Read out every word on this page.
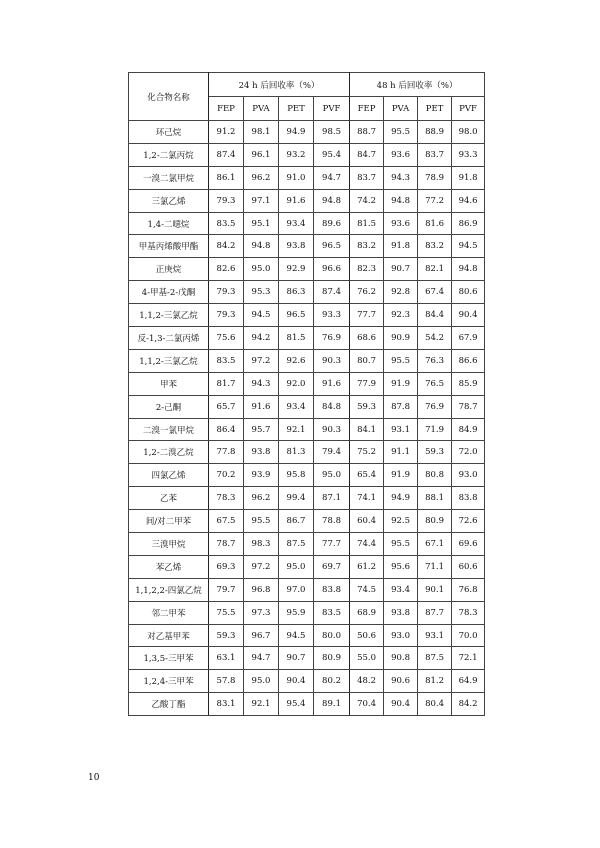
化合物名称	24 h 后回收率（%）				48 h 后回收率（%）			
	FEP	PVA	PET	PVF	FEP	PVA	PET	PVF
环己烷	91.2	98.1	94.9	98.5	88.7	95.5	88.9	98.0
1,2-二氯丙烷	87.4	96.1	93.2	95.4	84.7	93.6	83.7	93.3
一溴二氯甲烷	86.1	96.2	91.0	94.7	83.7	94.3	78.9	91.8
三氯乙烯	79.3	97.1	91.6	94.8	74.2	94.8	77.2	94.6
1,4-二噁烷	83.5	95.1	93.4	89.6	81.5	93.6	81.6	86.9
甲基丙烯酸甲酯	84.2	94.8	93.8	96.5	83.2	91.8	83.2	94.5
正庚烷	82.6	95.0	92.9	96.6	82.3	90.7	82.1	94.8
4-甲基-2-戊酮	79.3	95.3	86.3	87.4	76.2	92.8	67.4	80.6
1,1,2-三氯乙烷	79.3	94.5	96.5	93.3	77.7	92.3	84.4	90.4
反-1,3-二氯丙烯	75.6	94.2	81.5	76.9	68.6	90.9	54.2	67.9
1,1,2-三氯乙烷	83.5	97.2	92.6	90.3	80.7	95.5	76.3	86.6
甲苯	81.7	94.3	92.0	91.6	77.9	91.9	76.5	85.9
2-己酮	65.7	91.6	93.4	84.8	59.3	87.8	76.9	78.7
二溴一氯甲烷	86.4	95.7	92.1	90.3	84.1	93.1	71.9	84.9
1,2-二溴乙烷	77.8	93.8	81.3	79.4	75.2	91.1	59.3	72.0
四氯乙烯	70.2	93.9	95.8	95.0	65.4	91.9	80.8	93.0
乙苯	78.3	96.2	99.4	87.1	74.1	94.9	88.1	83.8
间/对二甲苯	67.5	95.5	86.7	78.8	60.4	92.5	80.9	72.6
三溴甲烷	78.7	98.3	87.5	77.7	74.4	95.5	67.1	69.6
苯乙烯	69.3	97.2	95.0	69.7	61.2	95.6	71.1	60.6
1,1,2,2-四氯乙烷	79.7	96.8	97.0	83.8	74.5	93.4	90.1	76.8
邻二甲苯	75.5	97.3	95.9	83.5	68.9	93.8	87.7	78.3
对乙基甲苯	59.3	96.7	94.5	80.0	50.6	93.0	93.1	70.0
1,3,5-三甲苯	63.1	94.7	90.7	80.9	55.0	90.8	87.5	72.1
1,2,4-三甲苯	57.8	95.0	90.4	80.2	48.2	90.6	81.2	64.9
乙酸丁酯	83.1	92.1	95.4	89.1	70.4	90.4	80.4	84.2
10
